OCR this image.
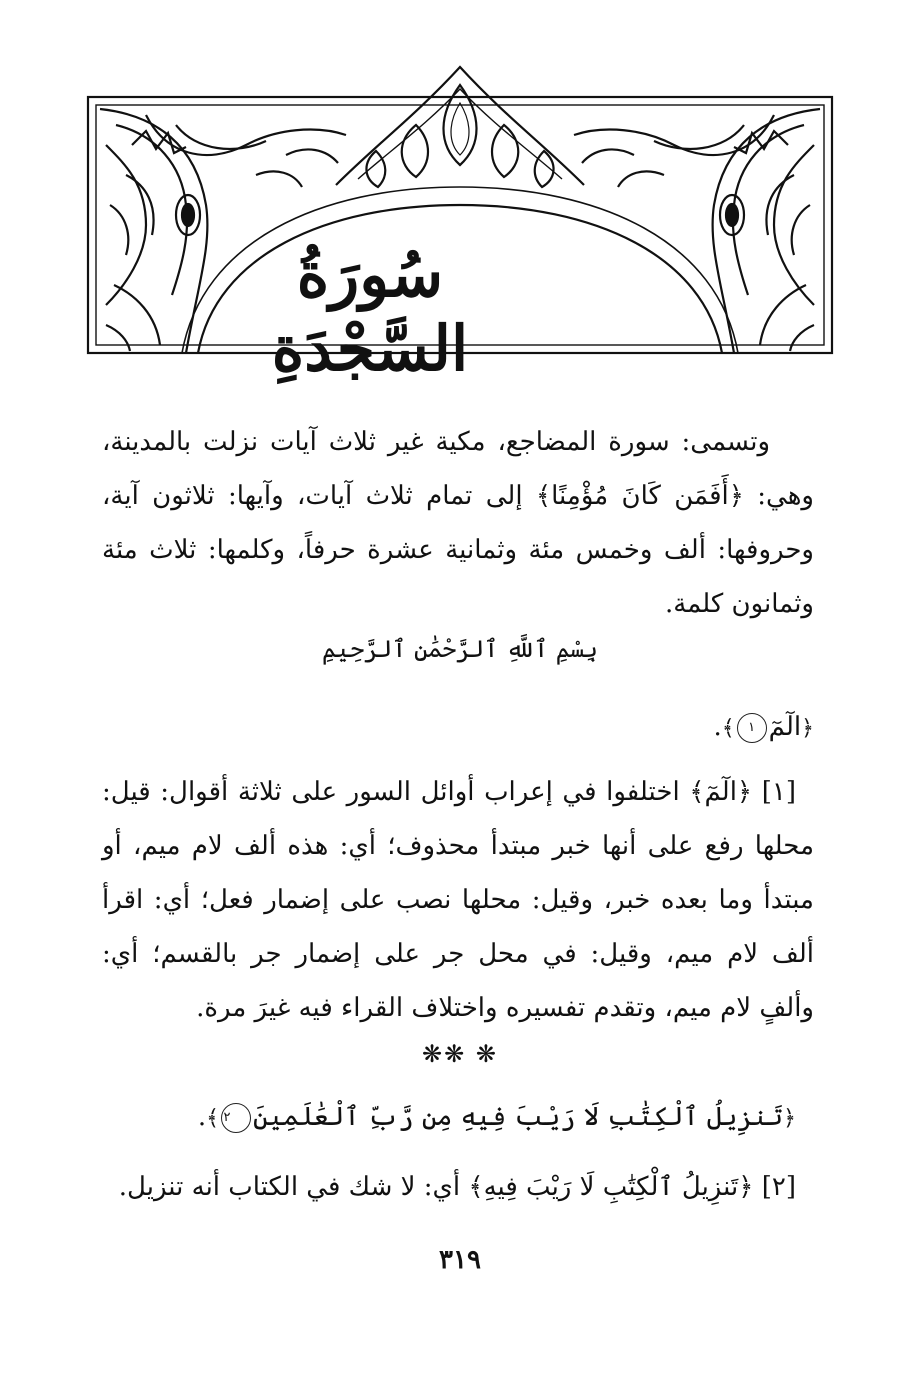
سُورَةُ السَّجْدَةِ

وتسمى: سورة المضاجع، مكية غير ثلاث آيات نزلت بالمدينة، وهي: ﴿أَفَمَن كَانَ مُؤْمِنًا﴾ إلى تمام ثلاث آيات، وآيها: ثلاثون آية، وحروفها: ألف وخمس مئة وثمانية عشرة حرفاً، وكلمها: ثلاث مئة وثمانون كلمة.

بِسْمِ ٱللَّهِ ٱلرَّحْمَٰنِ ٱلرَّحِيمِ

﴿الٓمٓ١﴾.

[١] ﴿الٓمٓ﴾ اختلفوا في إعراب أوائل السور على ثلاثة أقوال: قيل: محلها رفع على أنها خبر مبتدأ محذوف؛ أي: هذه ألف لام ميم، أو مبتدأ وما بعده خبر، وقيل: محلها نصب على إضمار فعل؛ أي: اقرأ ألف لام ميم، وقيل: في محل جر على إضمار جر بالقسم؛ أي: وألفٍ لام ميم، وتقدم تفسيره واختلاف القراء فيه غيرَ مرة.

❋ ❋❋

﴿تَنزِيلُ ٱلْكِتَٰبِ لَا رَيْبَ فِيهِ مِن رَّبِّ ٱلْعَٰلَمِينَ٢﴾.

[٢] ﴿تَنزِيلُ ٱلْكِتَٰبِ لَا رَيْبَ فِيهِ﴾ أي: لا شك في الكتاب أنه تنزيل.

٣١٩
